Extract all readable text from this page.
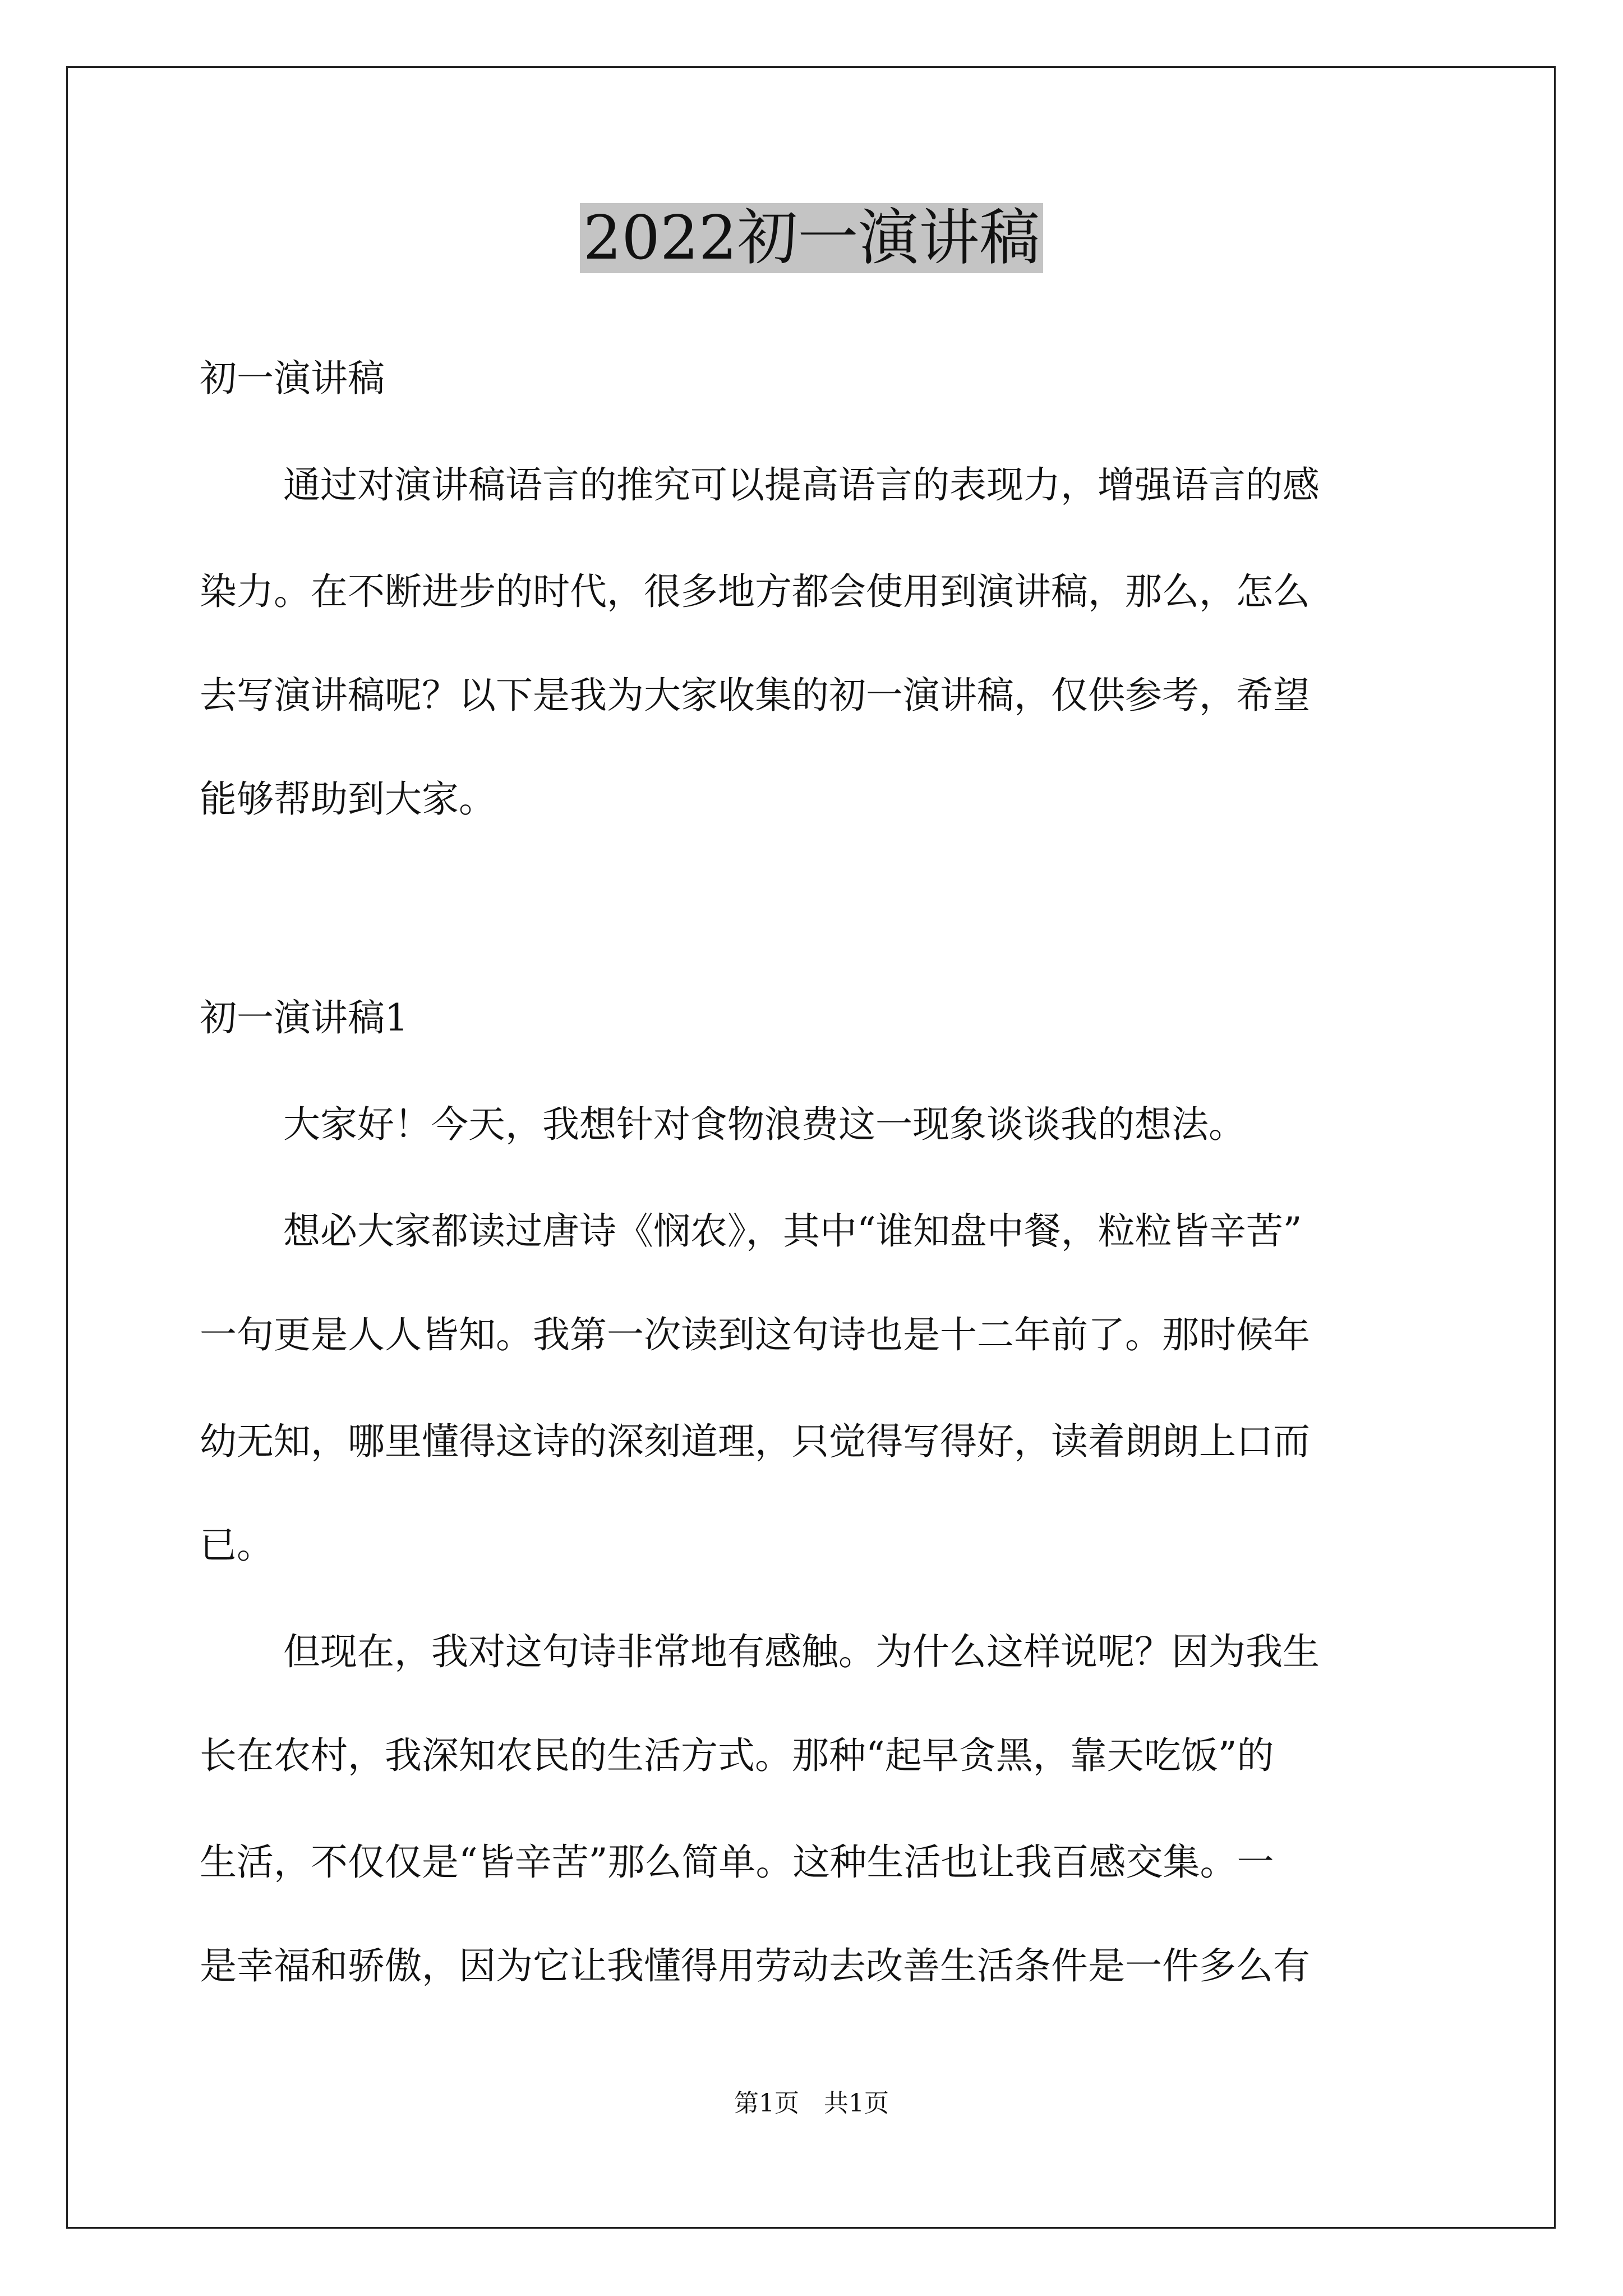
2022初一演讲稿
初一演讲稿
通过对演讲稿语言的推究可以提高语言的表现力，增强语言的感
染力。在不断进步的时代，很多地方都会使用到演讲稿，那么，怎么
去写演讲稿呢？以下是我为大家收集的初一演讲稿，仅供参考，希望
能够帮助到大家。
初一演讲稿1
大家好！今天，我想针对食物浪费这一现象谈谈我的想法。
想必大家都读过唐诗《悯农》，其中“谁知盘中餐，粒粒皆辛苦”
一句更是人人皆知。我第一次读到这句诗也是十二年前了。那时候年
幼无知，哪里懂得这诗的深刻道理，只觉得写得好，读着朗朗上口而
已。
但现在，我对这句诗非常地有感触。为什么这样说呢？因为我生
长在农村，我深知农民的生活方式。那种“起早贪黑，靠天吃饭”的
生活，不仅仅是“皆辛苦”那么简单。这种生活也让我百感交集。一
是幸福和骄傲，因为它让我懂得用劳动去改善生活条件是一件多么有
第1页　共1页
